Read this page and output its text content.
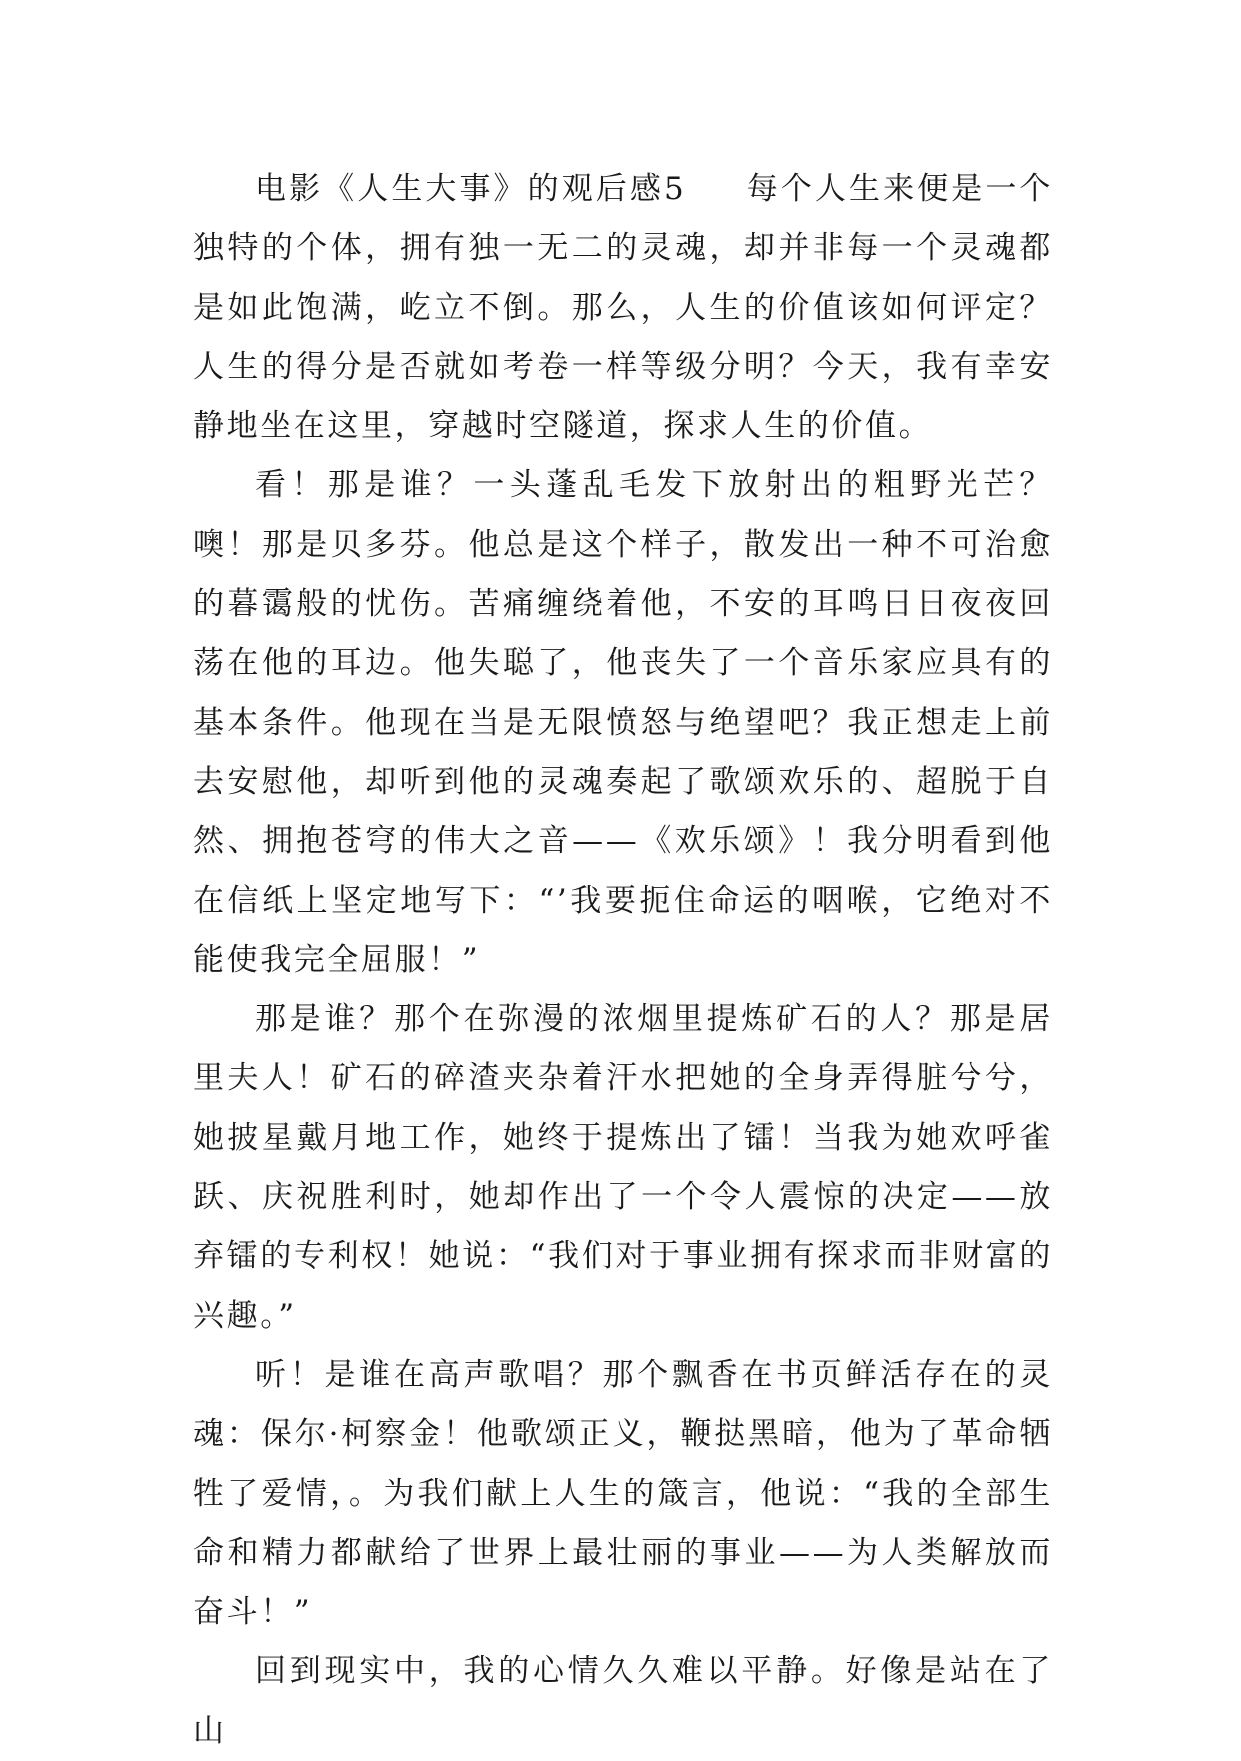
电影《人生大事》的观后感5 每个人生来便是一个独特的个体，拥有独一无二的灵魂，却并非每一个灵魂都是如此饱满，屹立不倒。那么，人生的价值该如何评定？人生的得分是否就如考卷一样等级分明？今天，我有幸安静地坐在这里，穿越时空隧道，探求人生的价值。

看！那是谁？一头蓬乱毛发下放射出的粗野光芒？噢！那是贝多芬。他总是这个样子，散发出一种不可治愈的暮霭般的忧伤。苦痛缠绕着他，不安的耳鸣日日夜夜回荡在他的耳边。他失聪了，他丧失了一个音乐家应具有的基本条件。他现在当是无限愤怒与绝望吧？我正想走上前去安慰他，却听到他的灵魂奏起了歌颂欢乐的、超脱于自然、拥抱苍穹的伟大之音——《欢乐颂》！我分明看到他在信纸上坚定地写下：“’我要扼住命运的咽喉，它绝对不能使我完全屈服！”

那是谁？那个在弥漫的浓烟里提炼矿石的人？那是居里夫人！矿石的碎渣夹杂着汗水把她的全身弄得脏兮兮，她披星戴月地工作，她终于提炼出了镭！当我为她欢呼雀跃、庆祝胜利时，她却作出了一个令人震惊的决定——放弃镭的专利权！她说：“我们对于事业拥有探求而非财富的兴趣。”

听！是谁在高声歌唱？那个飘香在书页鲜活存在的灵魂：保尔·柯察金！他歌颂正义，鞭挞黑暗，他为了革命牺牲了爱情，。为我们献上人生的箴言，他说：“我的全部生命和精力都献给了世界上最壮丽的事业——为人类解放而奋斗！”

回到现实中，我的心情久久难以平静。好像是站在了山
